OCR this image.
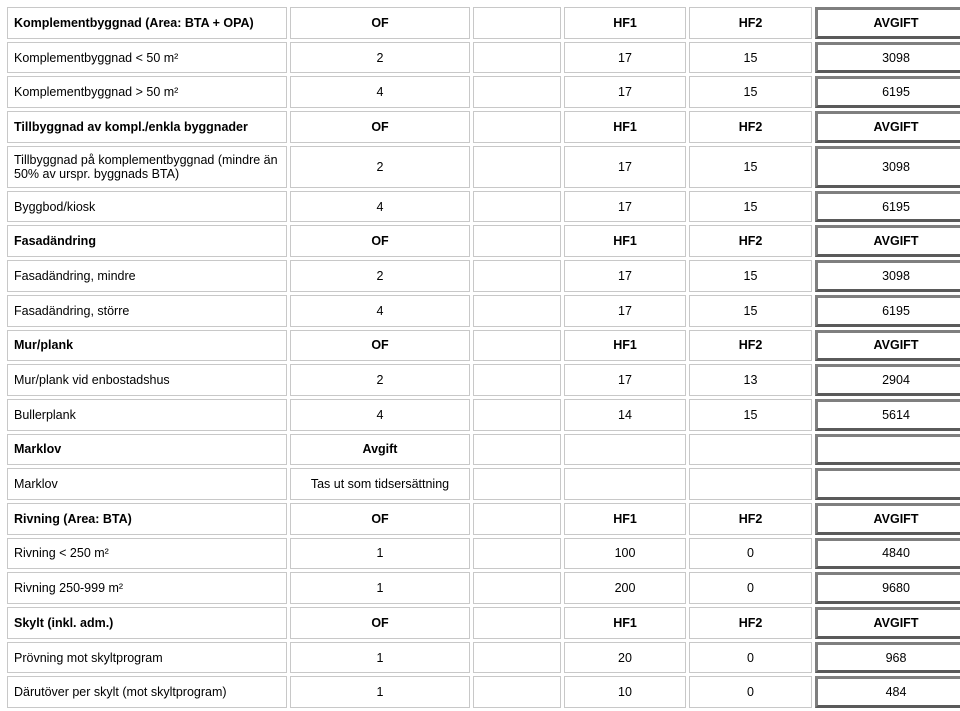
Komplementbyggnad (Area: BTA + OPA)	OF		HF1	HF2	AVGIFT
Komplementbyggnad < 50 m²	2		17	15	3098
Komplementbyggnad > 50 m²	4		17	15	6195
Tillbyggnad av kompl./enkla byggnader	OF		HF1	HF2	AVGIFT
Tillbyggnad på komplementbyggnad (mindre än 50% av urspr. byggnads BTA)	2		17	15	3098
Byggbod/kiosk	4		17	15	6195
Fasadändring	OF		HF1	HF2	AVGIFT
Fasadändring, mindre	2		17	15	3098
Fasadändring, större	4		17	15	6195
Mur/plank	OF		HF1	HF2	AVGIFT
Mur/plank vid enbostadshus	2		17	13	2904
Bullerplank	4		14	15	5614
Marklov	Avgift				
Marklov	Tas ut som tidsersättning				
Rivning (Area: BTA)	OF		HF1	HF2	AVGIFT
Rivning < 250 m²	1		100	0	4840
Rivning 250-999 m²	1		200	0	9680
Skylt (inkl. adm.)	OF		HF1	HF2	AVGIFT
Prövning mot skyltprogram	1		20	0	968
Därutöver per skylt (mot skyltprogram)	1		10	0	484
